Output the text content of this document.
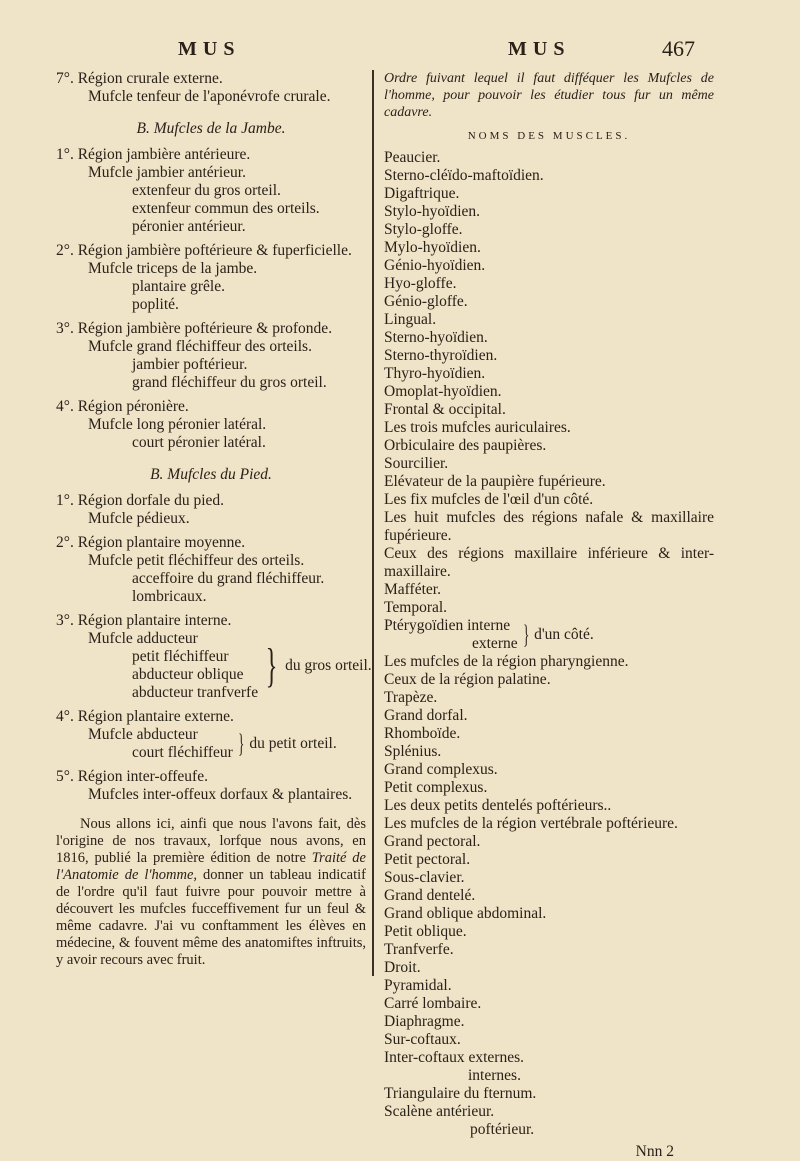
MUS	MUS	467
7°. Région crurale externe.
Mufcle tenfeur de l'aponévrofe crurale.
B. Mufcles de la Jambe.
1°. Région jambière antérieure.
Mufcle jambier antérieur.
extenfeur du gros orteil.
extenfeur commun des orteils.
péronier antérieur.
2°. Région jambière poftérieure & fuperficielle.
Mufcle triceps de la jambe.
plantaire grêle.
poplité.
3°. Région jambière poftérieure & profonde.
Mufcle grand fléchiffeur des orteils.
jambier poftérieur.
grand fléchiffeur du gros orteil.
4°. Région péronière.
Mufcle long péronier latéral.
court péronier latéral.
B. Mufcles du Pied.
1°. Région dorfale du pied.
Mufcle pédieux.
2°. Région plantaire moyenne.
Mufcle petit fléchiffeur des orteils.
acceffoire du grand fléchiffeur.
lombricaux.
3°. Région plantaire interne.
Mufcle adducteur
petit fléchiffeur
abducteur oblique
abducteur tranfverfe
} du gros orteil.
4°. Région plantaire externe.
Mufcle abducteur
court fléchiffeur } du petit orteil.
5°. Région inter-offeufe.
Mufcles inter-offeux dorfaux & plantaires.
Nous allons ici, ainfi que nous l'avons fait, dès l'origine de nos travaux, lorfque nous avons, en 1816, publié la première édition de notre Traité de l'Anatomie de l'homme, donner un tableau indicatif de l'ordre qu'il faut fuivre pour pouvoir mettre à découvert les mufcles fucceffivement fur un feul & même cadavre. J'ai vu conftamment les élèves en médecine, & fouvent même des anatomiftes inftruits, y avoir recours avec fruit.
Ordre fuivant lequel il faut difféquer les Mufcles de l'homme, pour pouvoir les étudier tous fur un même cadavre.
NOMS DES MUSCLES.
Peaucier.
Sterno-cléïdo-maftoïdien.
Digaftrique.
Stylo-hyoïdien.
Stylo-gloffe.
Mylo-hyoïdien.
Génio-hyoïdien.
Hyo-gloffe.
Génio-gloffe.
Lingual.
Sterno-hyoïdien.
Sterno-thyroïdien.
Thyro-hyoïdien.
Omoplat-hyoïdien.
Frontal & occipital.
Les trois mufcles auriculaires.
Orbiculaire des paupières.
Sourcilier.
Elévateur de la paupière fupérieure.
Les fix mufcles de l'œil d'un côté.
Les huit mufcles des régions nafale & maxillaire fupérieure.
Ceux des régions maxillaire inférieure & inter-maxillaire.
Mafféter.
Temporal.
Ptérygoïdien interne
externe } d'un côté.
Les mufcles de la région pharyngienne.
Ceux de la région palatine.
Trapèze.
Grand dorfal.
Rhomboïde.
Splénius.
Grand complexus.
Petit complexus.
Les deux petits dentelés poftérieurs..
Les mufcles de la région vertébrale poftérieure.
Grand pectoral.
Petit pectoral.
Sous-clavier.
Grand dentelé.
Grand oblique abdominal.
Petit oblique.
Tranfverfe.
Droit.
Pyramidal.
Carré lombaire.
Diaphragme.
Sur-coftaux.
Inter-coftaux externes.
internes.
Triangulaire du fternum.
Scalène antérieur.
poftérieur.
Nnn 2
